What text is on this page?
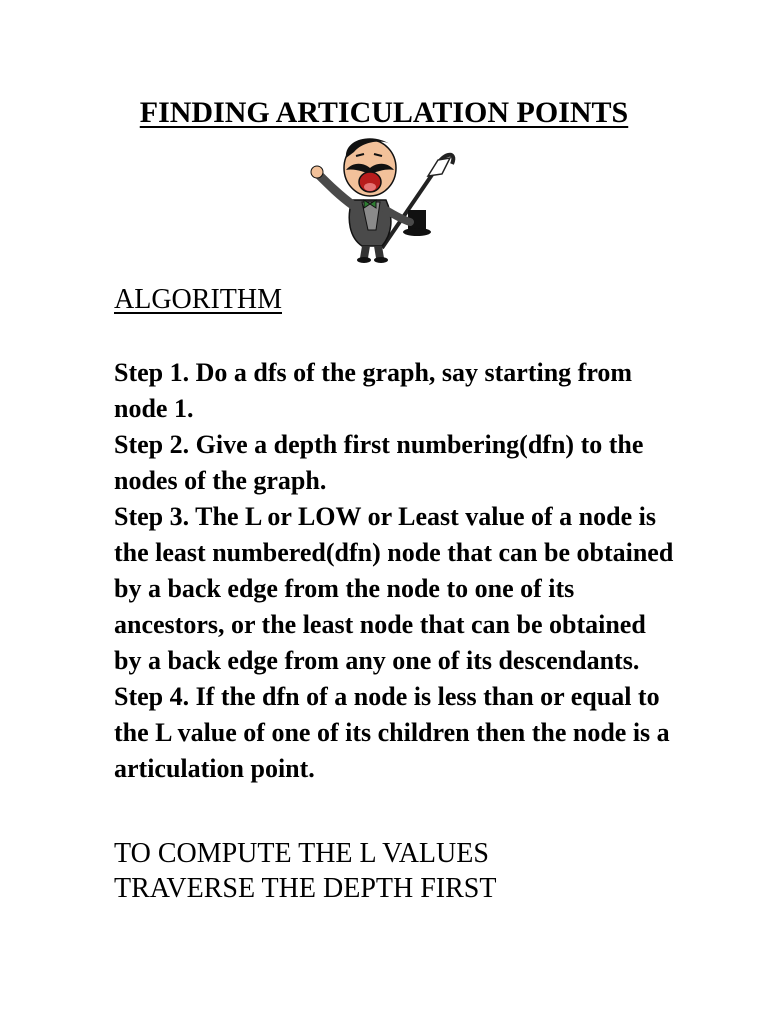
FINDING ARTICULATION POINTS
ALGORITHM
Step 1. Do a dfs of the graph, say starting from node 1.
Step 2. Give a depth first numbering(dfn) to the nodes of the graph.
Step 3. The L or LOW or Least value of a node is the least numbered(dfn) node that can be obtained by a back edge from the node to one of its ancestors, or the least node that can be obtained by a back edge from any one of its descendants.
Step 4. If the dfn of a node is less than or equal to the L value of one of its children then the node is a articulation point.

TO COMPUTE THE L VALUES
TRAVERSE THE DEPTH FIRST
